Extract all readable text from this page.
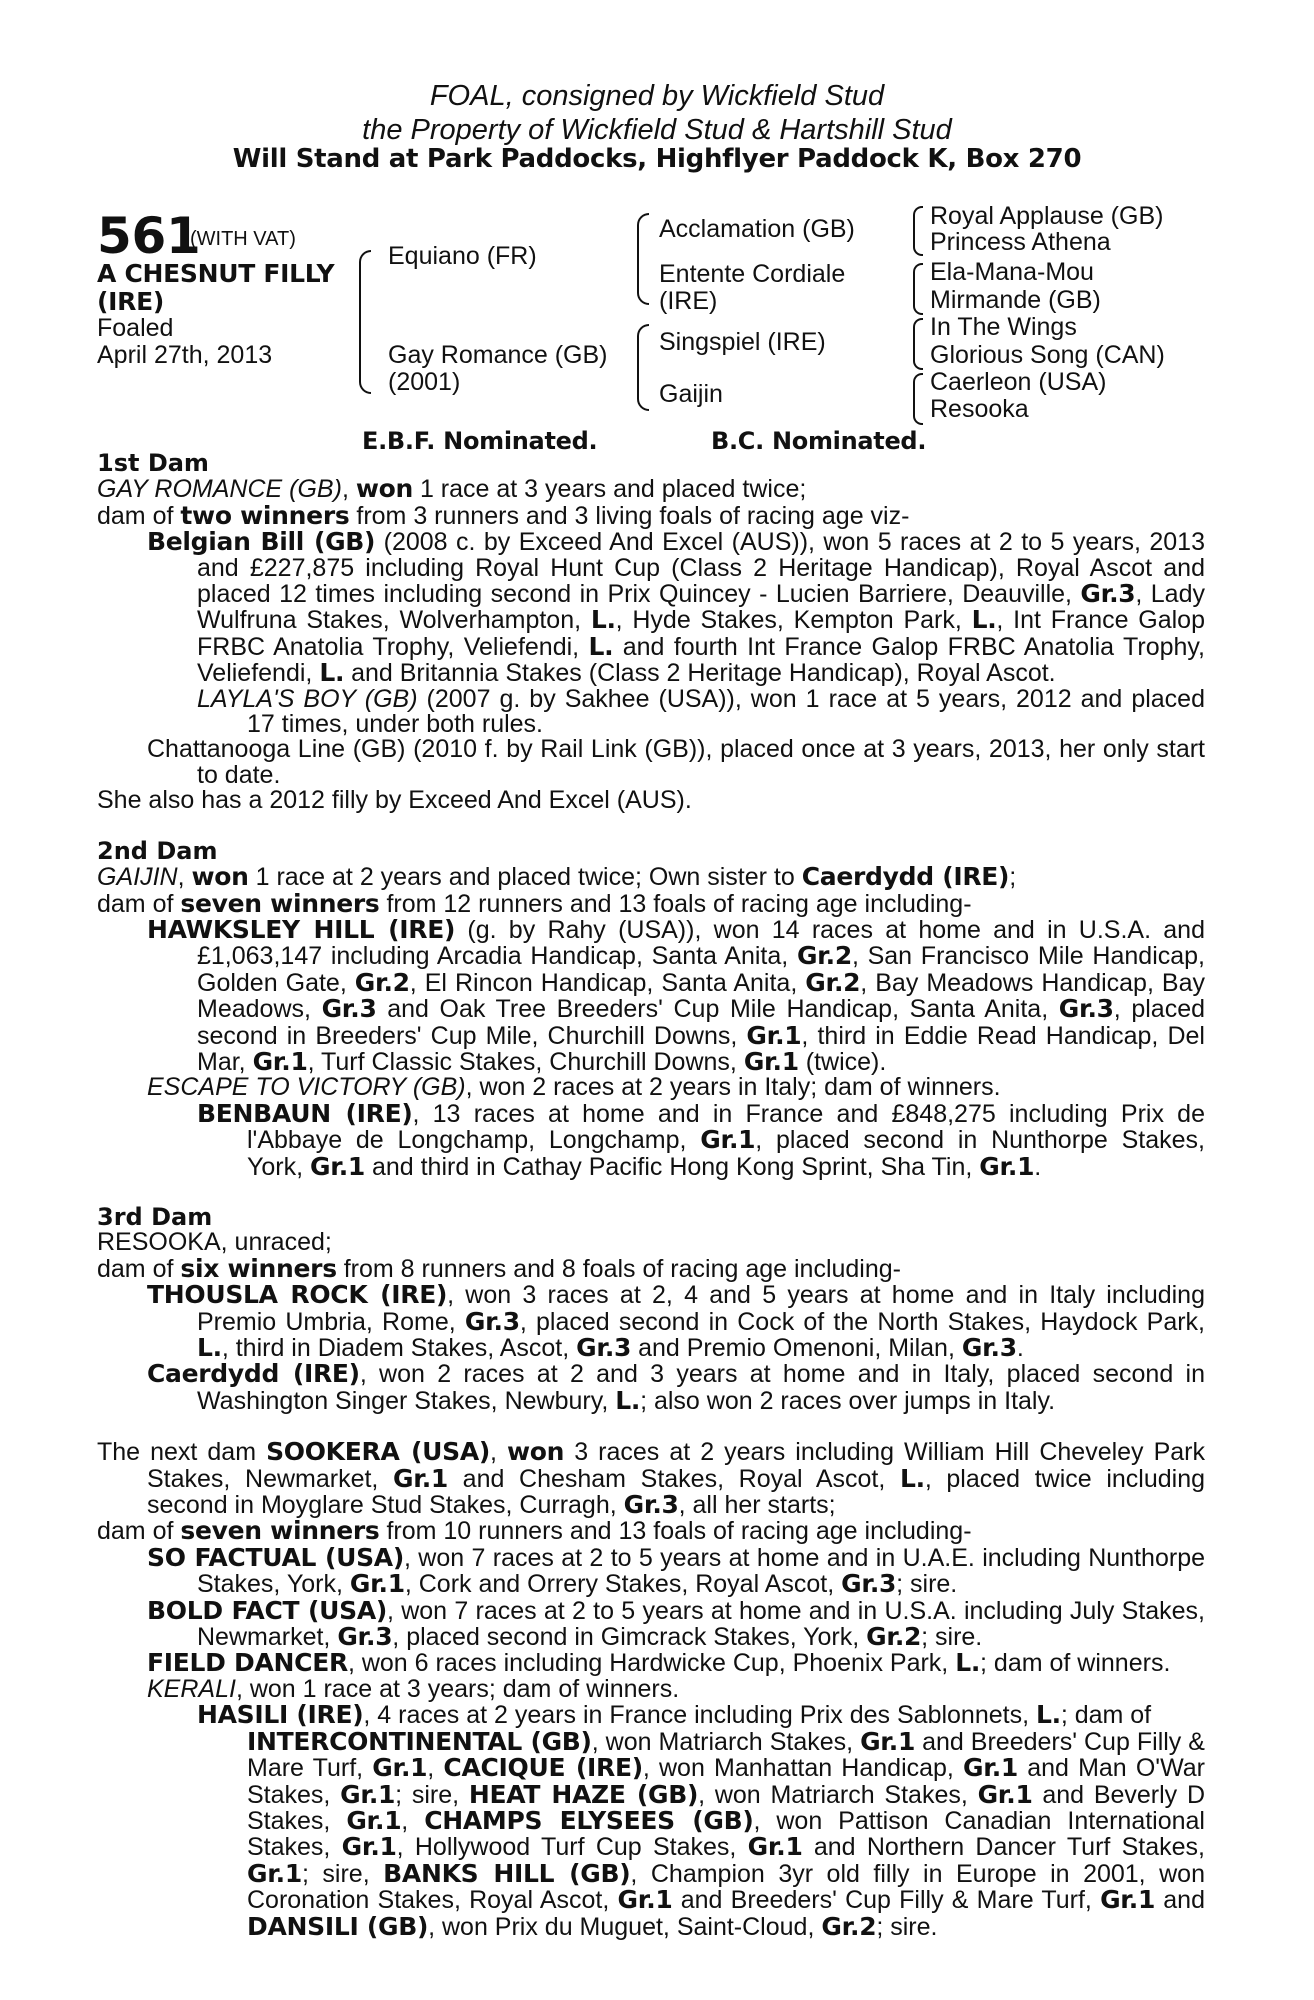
FOAL, consigned by Wickfield Stud
the Property of Wickfield Stud & Hartshill Stud
Will Stand at Park Paddocks, Highflyer Paddock K, Box 270
561
(WITH VAT)
A CHESNUT FILLY
(IRE)
Foaled
April 27th, 2013
Equiano (FR)
Gay Romance (GB)
(2001)
Acclamation (GB)
Entente Cordiale
(IRE)
Singspiel (IRE)
Gaijin
Royal Applause (GB)
Princess Athena
Ela-Mana-Mou
Mirmande (GB)
In The Wings
Glorious Song (CAN)
Caerleon (USA)
Resooka
E.B.F. Nominated.	B.C. Nominated.

1st Dam

GAY ROMANCE (GB), won 1 race at 3 years and placed twice;

dam of two winners from 3 runners and 3 living foals of racing age viz-

Belgian Bill (GB) (2008 c. by Exceed And Excel (AUS)), won 5 races at 2 to 5 years, 2013 and £227,875 including Royal Hunt Cup (Class 2 Heritage Handicap), Royal Ascot and placed 12 times including second in Prix Quincey - Lucien Barriere, Deauville, Gr.3, Lady Wulfruna Stakes, Wolverhampton, L., Hyde Stakes, Kempton Park, L., Int France Galop FRBC Anatolia Trophy, Veliefendi, L. and fourth Int France Galop FRBC Anatolia Trophy, Veliefendi, L. and Britannia Stakes (Class 2 Heritage Handicap), Royal Ascot.

LAYLA'S BOY (GB) (2007 g. by Sakhee (USA)), won 1 race at 5 years, 2012 and placed 17 times, under both rules.

Chattanooga Line (GB) (2010 f. by Rail Link (GB)), placed once at 3 years, 2013, her only start to date.

She also has a 2012 filly by Exceed And Excel (AUS).

2nd Dam

GAIJIN, won 1 race at 2 years and placed twice; Own sister to Caerdydd (IRE);

dam of seven winners from 12 runners and 13 foals of racing age including-

HAWKSLEY HILL (IRE) (g. by Rahy (USA)), won 14 races at home and in U.S.A. and £1,063,147 including Arcadia Handicap, Santa Anita, Gr.2, San Francisco Mile Handicap, Golden Gate, Gr.2, El Rincon Handicap, Santa Anita, Gr.2, Bay Meadows Handicap, Bay Meadows, Gr.3 and Oak Tree Breeders' Cup Mile Handicap, Santa Anita, Gr.3, placed second in Breeders' Cup Mile, Churchill Downs, Gr.1, third in Eddie Read Handicap, Del Mar, Gr.1, Turf Classic Stakes, Churchill Downs, Gr.1 (twice).

ESCAPE TO VICTORY (GB), won 2 races at 2 years in Italy; dam of winners.

BENBAUN (IRE), 13 races at home and in France and £848,275 including Prix de l'Abbaye de Longchamp, Longchamp, Gr.1, placed second in Nunthorpe Stakes, York, Gr.1 and third in Cathay Pacific Hong Kong Sprint, Sha Tin, Gr.1.

3rd Dam

RESOOKA, unraced;

dam of six winners from 8 runners and 8 foals of racing age including-

THOUSLA ROCK (IRE), won 3 races at 2, 4 and 5 years at home and in Italy including Premio Umbria, Rome, Gr.3, placed second in Cock of the North Stakes, Haydock Park, L., third in Diadem Stakes, Ascot, Gr.3 and Premio Omenoni, Milan, Gr.3.

Caerdydd (IRE), won 2 races at 2 and 3 years at home and in Italy, placed second in Washington Singer Stakes, Newbury, L.; also won 2 races over jumps in Italy.

The next dam SOOKERA (USA), won 3 races at 2 years including William Hill Cheveley Park Stakes, Newmarket, Gr.1 and Chesham Stakes, Royal Ascot, L., placed twice including second in Moyglare Stud Stakes, Curragh, Gr.3, all her starts;

dam of seven winners from 10 runners and 13 foals of racing age including-

SO FACTUAL (USA), won 7 races at 2 to 5 years at home and in U.A.E. including Nunthorpe Stakes, York, Gr.1, Cork and Orrery Stakes, Royal Ascot, Gr.3; sire.

BOLD FACT (USA), won 7 races at 2 to 5 years at home and in U.S.A. including July Stakes, Newmarket, Gr.3, placed second in Gimcrack Stakes, York, Gr.2; sire.

FIELD DANCER, won 6 races including Hardwicke Cup, Phoenix Park, L.; dam of winners.

KERALI, won 1 race at 3 years; dam of winners.

HASILI (IRE), 4 races at 2 years in France including Prix des Sablonnets, L.; dam of

INTERCONTINENTAL (GB), won Matriarch Stakes, Gr.1 and Breeders' Cup Filly & Mare Turf, Gr.1, CACIQUE (IRE), won Manhattan Handicap, Gr.1 and Man O'War Stakes, Gr.1; sire, HEAT HAZE (GB), won Matriarch Stakes, Gr.1 and Beverly D Stakes, Gr.1, CHAMPS ELYSEES (GB), won Pattison Canadian International Stakes, Gr.1, Hollywood Turf Cup Stakes, Gr.1 and Northern Dancer Turf Stakes, Gr.1; sire, BANKS HILL (GB), Champion 3yr old filly in Europe in 2001, won Coronation Stakes, Royal Ascot, Gr.1 and Breeders' Cup Filly & Mare Turf, Gr.1 and DANSILI (GB), won Prix du Muguet, Saint-Cloud, Gr.2; sire.
